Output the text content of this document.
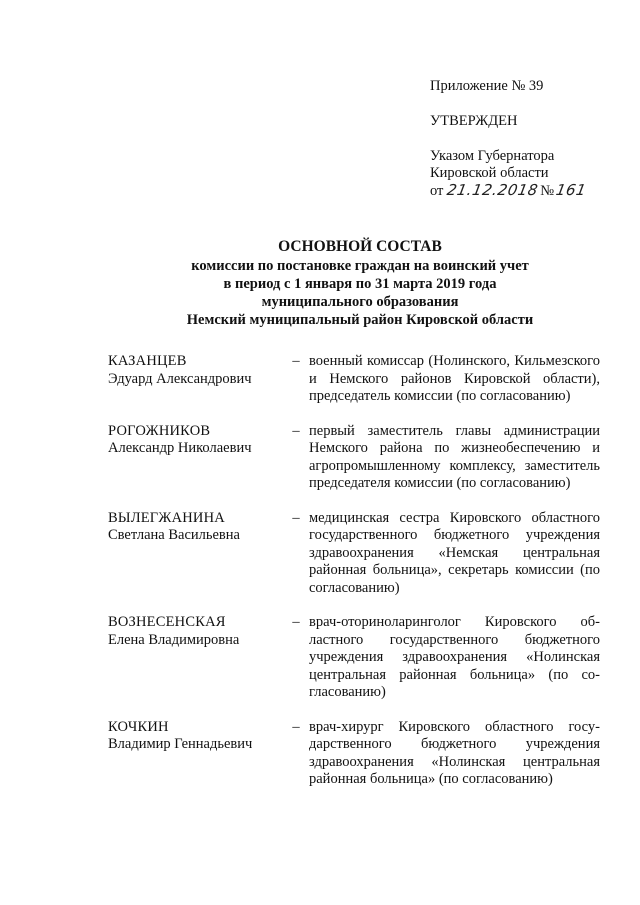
Приложение № 39
УТВЕРЖДЕН
Указом Губернатора
Кировской области
от 21.12.2018 № 161
ОСНОВНОЙ СОСТАВ
комиссии по постановке граждан на воинский учет
в период с 1 января по 31 марта 2019 года
муниципального образования
Немский муниципальный район Кировской области
КАЗАНЦЕВ
Эдуард Александрович
– военный комиссар (Нолинского, Кильмезского и Немского районов Кировской области), председатель комиссии (по согласованию)
РОГОЖНИКОВ
Александр Николаевич
– первый заместитель главы администрации Немского района по жизнеобеспечению и агропромышленному комплексу, заместитель председателя комиссии (по согласованию)
ВЫЛЕГЖАНИНА
Светлана Васильевна
– медицинская сестра Кировского областного государственного бюджетного учреждения здравоохранения «Немская центральная районная больница», секретарь комиссии (по согласованию)
ВОЗНЕСЕНСКАЯ
Елена Владимировна
– врач-оториноларинголог Кировского областного государственного бюджетного учреждения здравоохранения «Нолинская центральная районная больница» (по согласованию)
КОЧКИН
Владимир Геннадьевич
– врач-хирург Кировского областного государственного бюджетного учреждения здравоохранения «Нолинская центральная районная больница» (по согласованию)
